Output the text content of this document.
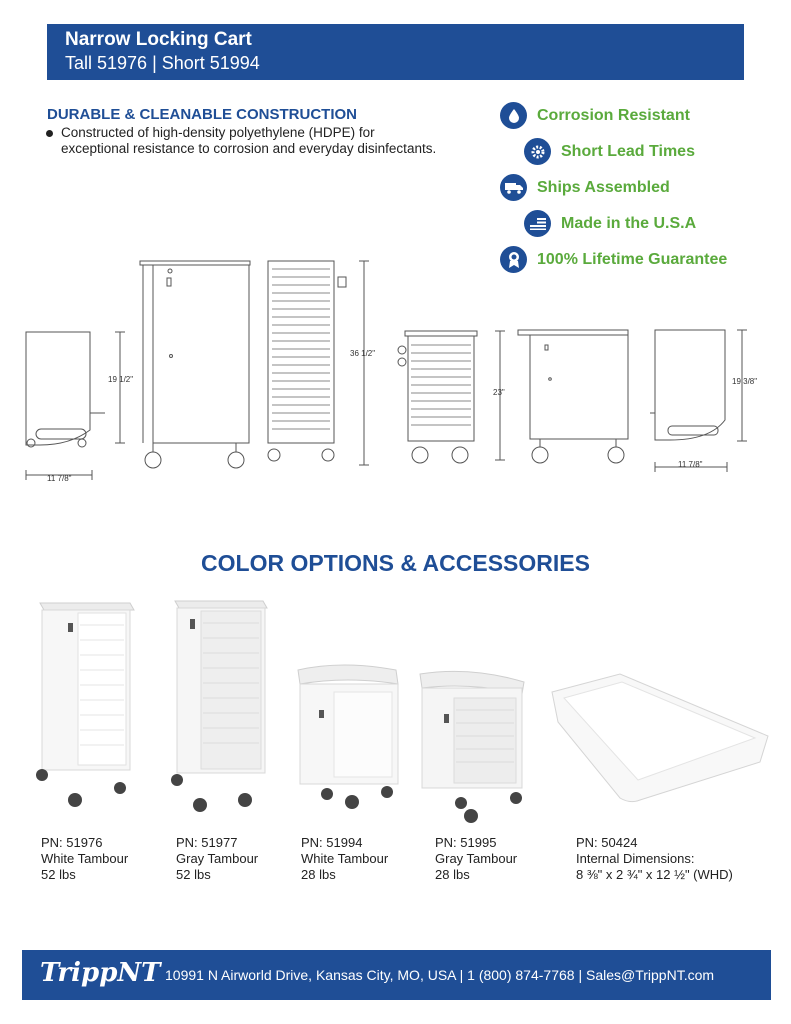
Narrow Locking Cart
Tall 51976 | Short 51994
DURABLE & CLEANABLE CONSTRUCTION
Constructed of high-density polyethylene (HDPE) for exceptional resistance to corrosion and everyday disinfectants.
Corrosion Resistant
Short Lead Times
Ships Assembled
Made in the U.S.A
100% Lifetime Guarantee
19 1/2"
11 7/8"
36 1/2"
23"
19 3/8"
11 7/8"
COLOR OPTIONS & ACCESSORIES
PN: 51976
White Tambour
52 lbs
PN: 51977
Gray Tambour
52 lbs
PN: 51994
White Tambour
28 lbs
PN: 51995
Gray Tambour
28 lbs
PN: 50424
Internal Dimensions:
8 ⅜" x 2 ¾" x 12 ½" (WHD)
TrippNT 10991 N Airworld Drive, Kansas City, MO, USA | 1 (800) 874-7768 | Sales@TrippNT.com
